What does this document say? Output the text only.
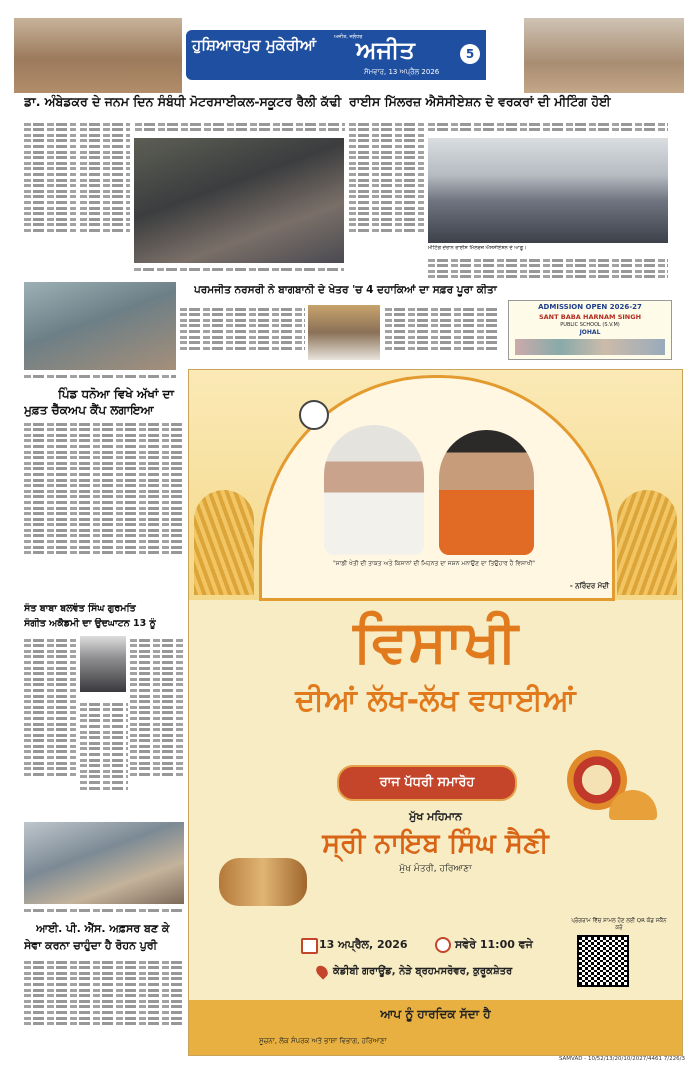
ਹੁਸ਼ਿਆਰਪੁਰ ਮੁਕੇਰੀਆਂ	ਅਜੀਤ, ਜਲੰਧਰ
ਅਜੀਤ
ਸੋਮਵਾਰ, 13 ਅਪ੍ਰੈਲ 2026
5
ਡਾ. ਅੰਬੇਡਕਰ ਦੇ ਜਨਮ ਦਿਨ ਸੰਬੰਧੀ ਮੋਟਰਸਾਈਕਲ-ਸਕੂਟਰ ਰੈਲੀ ਕੱਢੀ ਰਾਈਸ ਮਿੱਲਰਜ਼ ਐਸੋਸੀਏਸ਼ਨ ਦੇ ਵਰਕਰਾਂ ਦੀ ਮੀਟਿੰਗ ਹੋਈ
ਮੀਟਿੰਗ ਦੌਰਾਨ ਰਾਈਸ ਮਿੱਲਰਜ਼ ਐਸੋਸੀਏਸ਼ਨ ਦੇ ਆਗੂ।
ਪਰਮਜੀਤ ਨਰਸਰੀ ਨੇ ਬਾਗਬਾਨੀ ਦੇ ਖੇਤਰ 'ਚ 4 ਦਹਾਕਿਆਂ ਦਾ ਸਫ਼ਰ ਪੂਰਾ ਕੀਤਾ
ADMISSION OPEN 2026-27
SANT BABA HARNAM SINGH
PUBLIC SCHOOL (S.V.M)
JOHAL
ਪਿੰਡ ਧਨੋਆ ਵਿਖੇ ਅੱਖਾਂ ਦਾ
ਮੁਫ਼ਤ ਚੈੱਕਅਪ ਕੈਂਪ ਲਗਾਇਆ
ਸੰਤ ਬਾਬਾ ਬਲਵੰਤ ਸਿੰਘ ਗੁਰਮਤਿ
ਸੰਗੀਤ ਅਕੈਡਮੀ ਦਾ ਉਦਘਾਟਨ 13 ਨੂੰ
ਆਈ. ਪੀ. ਐੱਸ. ਅਫ਼ਸਰ ਬਣ ਕੇ
ਸੇਵਾ ਕਰਨਾ ਚਾਹੁੰਦਾ ਹੈ ਰੋਹਨ ਪੁਰੀ
"ਸਾਡੀ ਖੇਤੀ ਦੀ ਤਾਕਤ ਅਤੇ ਕਿਸਾਨਾਂ ਦੀ ਮਿਹਨਤ ਦਾ ਜਸ਼ਨ ਮਨਾਉਣ ਦਾ ਤਿਉਹਾਰ ਹੈ ਵਿਸਾਖੀ"
- ਨਰਿੰਦਰ ਮੋਦੀ
ਵਿਸਾਖੀ
ਦੀਆਂ ਲੱਖ-ਲੱਖ ਵਧਾਈਆਂ
ਰਾਜ ਪੱਧਰੀ ਸਮਾਰੋਹ
ਮੁੱਖ ਮਹਿਮਾਨ
ਸ੍ਰੀ ਨਾਇਬ ਸਿੰਘ ਸੈਣੀ
ਮੁੱਖ ਮੰਤਰੀ, ਹਰਿਆਣਾ
13 ਅਪ੍ਰੈਲ, 2026	ਸਵੇਰੇ 11:00 ਵਜੇ
ਕੇਡੀਬੀ ਗਰਾਊਂਡ, ਨੇੜੇ ਬ੍ਰਹਮਸਰੋਵਰ, ਕੁਰੂਕਸ਼ੇਤਰ
ਪ੍ਰੋਗਰਾਮ ਵਿੱਚ ਸ਼ਾਮਲ ਹੋਣ ਲਈ QR ਕੋਡ ਸਕੈਨ ਕਰੋ
ਆਪ ਨੂੰ ਹਾਰਦਿਕ ਸੱਦਾ ਹੈ
ਸੂਚਨਾ, ਲੋਕ ਸੰਪਰਕ ਅਤੇ ਭਾਸ਼ਾ ਵਿਭਾਗ, ਹਰਿਆਣਾ
SAMVAD - 10/52/13/20/10/2027/4461 7/226/3
